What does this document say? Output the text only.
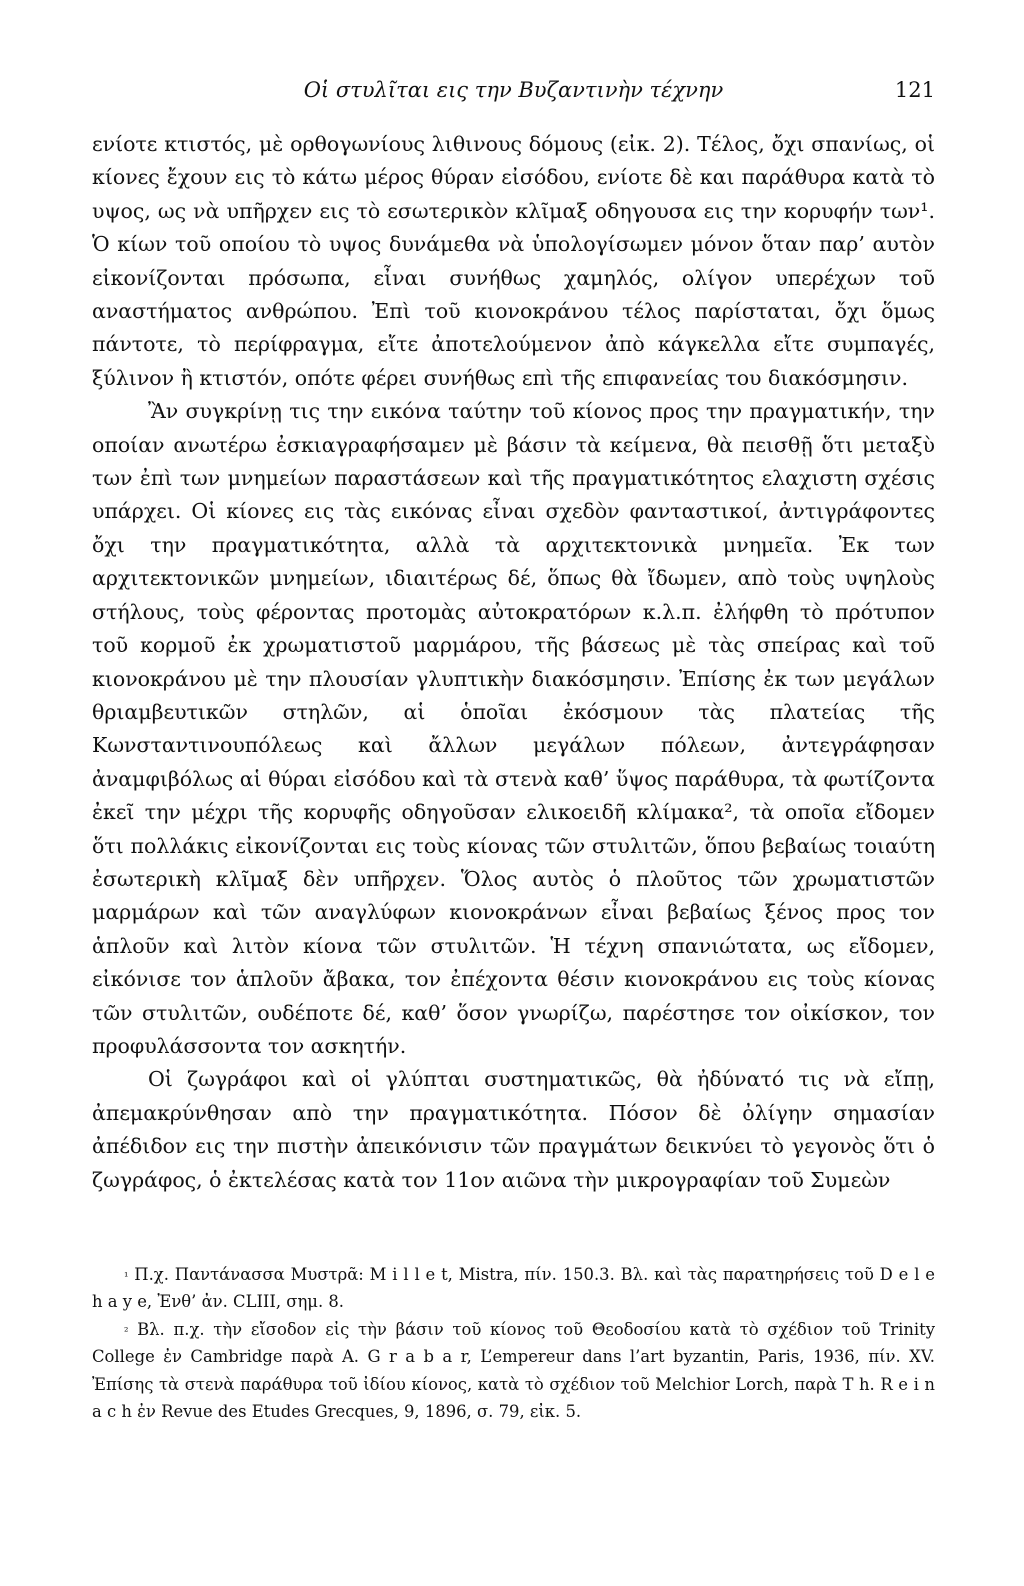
Οἱ στυλῖται εις την Βυζαντινὴν τέχνην	121

ενίοτε κτιστός, μὲ ορθογωνίους λιθινους δόμους (εἰκ. 2). Τέλος, ὄχι σπανίως, οἱ κίονες ἔχουν εις τὸ κάτω μέρος θύραν εἰσόδου, ενίοτε δὲ και παράθυρα κατὰ τὸ υψος, ως νὰ υπῆρχεν εις τὸ εσωτερικὸν κλῖμαξ οδηγουσα εις την κορυφήν των¹. Ὁ κίων τοῦ οποίου τὸ υψος δυνάμεθα νὰ ὑπολογίσωμεν μόνον ὅταν παρ’ αυτὸν εἰκονίζονται πρόσωπα, εἶναι συνήθως χαμηλός, ολίγον υπερέχων τοῦ αναστήματος ανθρώπου. Ἐπὶ τοῦ κιονοκράνου τέλος παρίσταται, ὄχι ὅμως πάντοτε, τὸ περίφραγμα, εἴτε ἀποτελούμενον ἀπὸ κάγκελλα εἴτε συμπαγές, ξύλινον ἢ κτιστόν, οπότε φέρει συνήθως επὶ τῆς επιφανείας του διακόσμησιν.

Ἂν συγκρίνῃ τις την εικόνα ταύτην τοῦ κίονος προς την πραγματικήν, την οποίαν ανωτέρω ἐσκιαγραφήσαμεν μὲ βάσιν τὰ κείμενα, θὰ πεισθῇ ὅτι μεταξὺ των ἐπὶ των μνημείων παραστάσεων καὶ τῆς πραγματικότητος ελαχιστη σχέσις υπάρχει. Οἱ κίονες εις τὰς εικόνας εἶναι σχεδὸν φανταστικοί, ἀντιγράφοντες ὄχι την πραγματικότητα, αλλὰ τὰ αρχιτεκτονικὰ μνημεῖα. Ἐκ των αρχιτεκτονικῶν μνημείων, ιδιαιτέρως δέ, ὅπως θὰ ἴδωμεν, απὸ τοὺς υψηλοὺς στήλους, τοὺς φέροντας προτομὰς αὐτοκρατόρων κ.λ.π. ἐλήφθη τὸ πρότυπον τοῦ κορμοῦ ἐκ χρωματιστοῦ μαρμάρου, τῆς βάσεως μὲ τὰς σπείρας καὶ τοῦ κιονοκράνου μὲ την πλουσίαν γλυπτικὴν διακόσμησιν. Ἐπίσης ἐκ των μεγάλων θριαμβευτικῶν στηλῶν, αἱ ὁποῖαι ἐκόσμουν τὰς πλατείας τῆς Κωνσταντινουπόλεως καὶ ἄλλων μεγάλων πόλεων, ἀντεγράφησαν ἀναμφιβόλως αἱ θύραι εἰσόδου καὶ τὰ στενὰ καθ’ ὕψος παράθυρα, τὰ φωτίζοντα ἐκεῖ την μέχρι τῆς κορυφῆς οδηγοῦσαν ελικοειδῆ κλίμακα², τὰ οποῖα εἴδομεν ὅτι πολλάκις εἰκονίζονται εις τοὺς κίονας τῶν στυλιτῶν, ὅπου βεβαίως τοιαύτη ἐσωτερικὴ κλῖμαξ δὲν υπῆρχεν. Ὅλος αυτὸς ὁ πλοῦτος τῶν χρωματιστῶν μαρμάρων καὶ τῶν αναγλύφων κιονοκράνων εἶναι βεβαίως ξένος προς τον ἁπλοῦν καὶ λιτὸν κίονα τῶν στυλιτῶν. Ἡ τέχνη σπανιώτατα, ως εἴδομεν, εἰκόνισε τον ἁπλοῦν ἄβακα, τον ἐπέχοντα θέσιν κιονοκράνου εις τοὺς κίονας τῶν στυλιτῶν, ουδέποτε δέ, καθ’ ὅσον γνωρίζω, παρέστησε τον οἰκίσκον, τον προφυλάσσοντα τον ασκητήν.

Οἱ ζωγράφοι καὶ οἱ γλύπται συστηματικῶς, θὰ ἠδύνατό τις νὰ εἴπῃ, ἀπεμακρύνθησαν απὸ την πραγματικότητα. Πόσον δὲ ὀλίγην σημασίαν ἀπέδιδον εις την πιστὴν ἀπεικόνισιν τῶν πραγμάτων δεικνύει τὸ γεγονὸς ὅτι ὁ ζωγράφος, ὁ ἐκτελέσας κατὰ τον 11ον αιῶνα τὴν μικρογραφίαν τοῦ Συμεὼν

$^{^1}$ Π.χ. Παντάνασσα Μυστρᾶ: M i l l e t, Mistra, πίν. 150.3. Βλ. καὶ τὰς παρατηρήσεις τοῦ D e l e h a y e, Ἐνθ’ ἀν. CLIII, σημ. 8.

$^{^2}$ Βλ. π.χ. τὴν εἴσοδον εἰς τὴν βάσιν τοῦ κίονος τοῦ Θεοδοσίου κατὰ τὸ σχέδιον τοῦ Trinity College ἐν Cambridge παρὰ A. G r a b a r, L’empereur dans l’art byzantin, Paris, 1936, πίν. XV. Ἐπίσης τὰ στενὰ παράθυρα τοῦ ἰδίου κίονος, κατὰ τὸ σχέδιον τοῦ Melchior Lorch, παρὰ T h. R e i n a c h ἐν Revue des Etudes Grecques, 9, 1896, σ. 79, εἰκ. 5.
